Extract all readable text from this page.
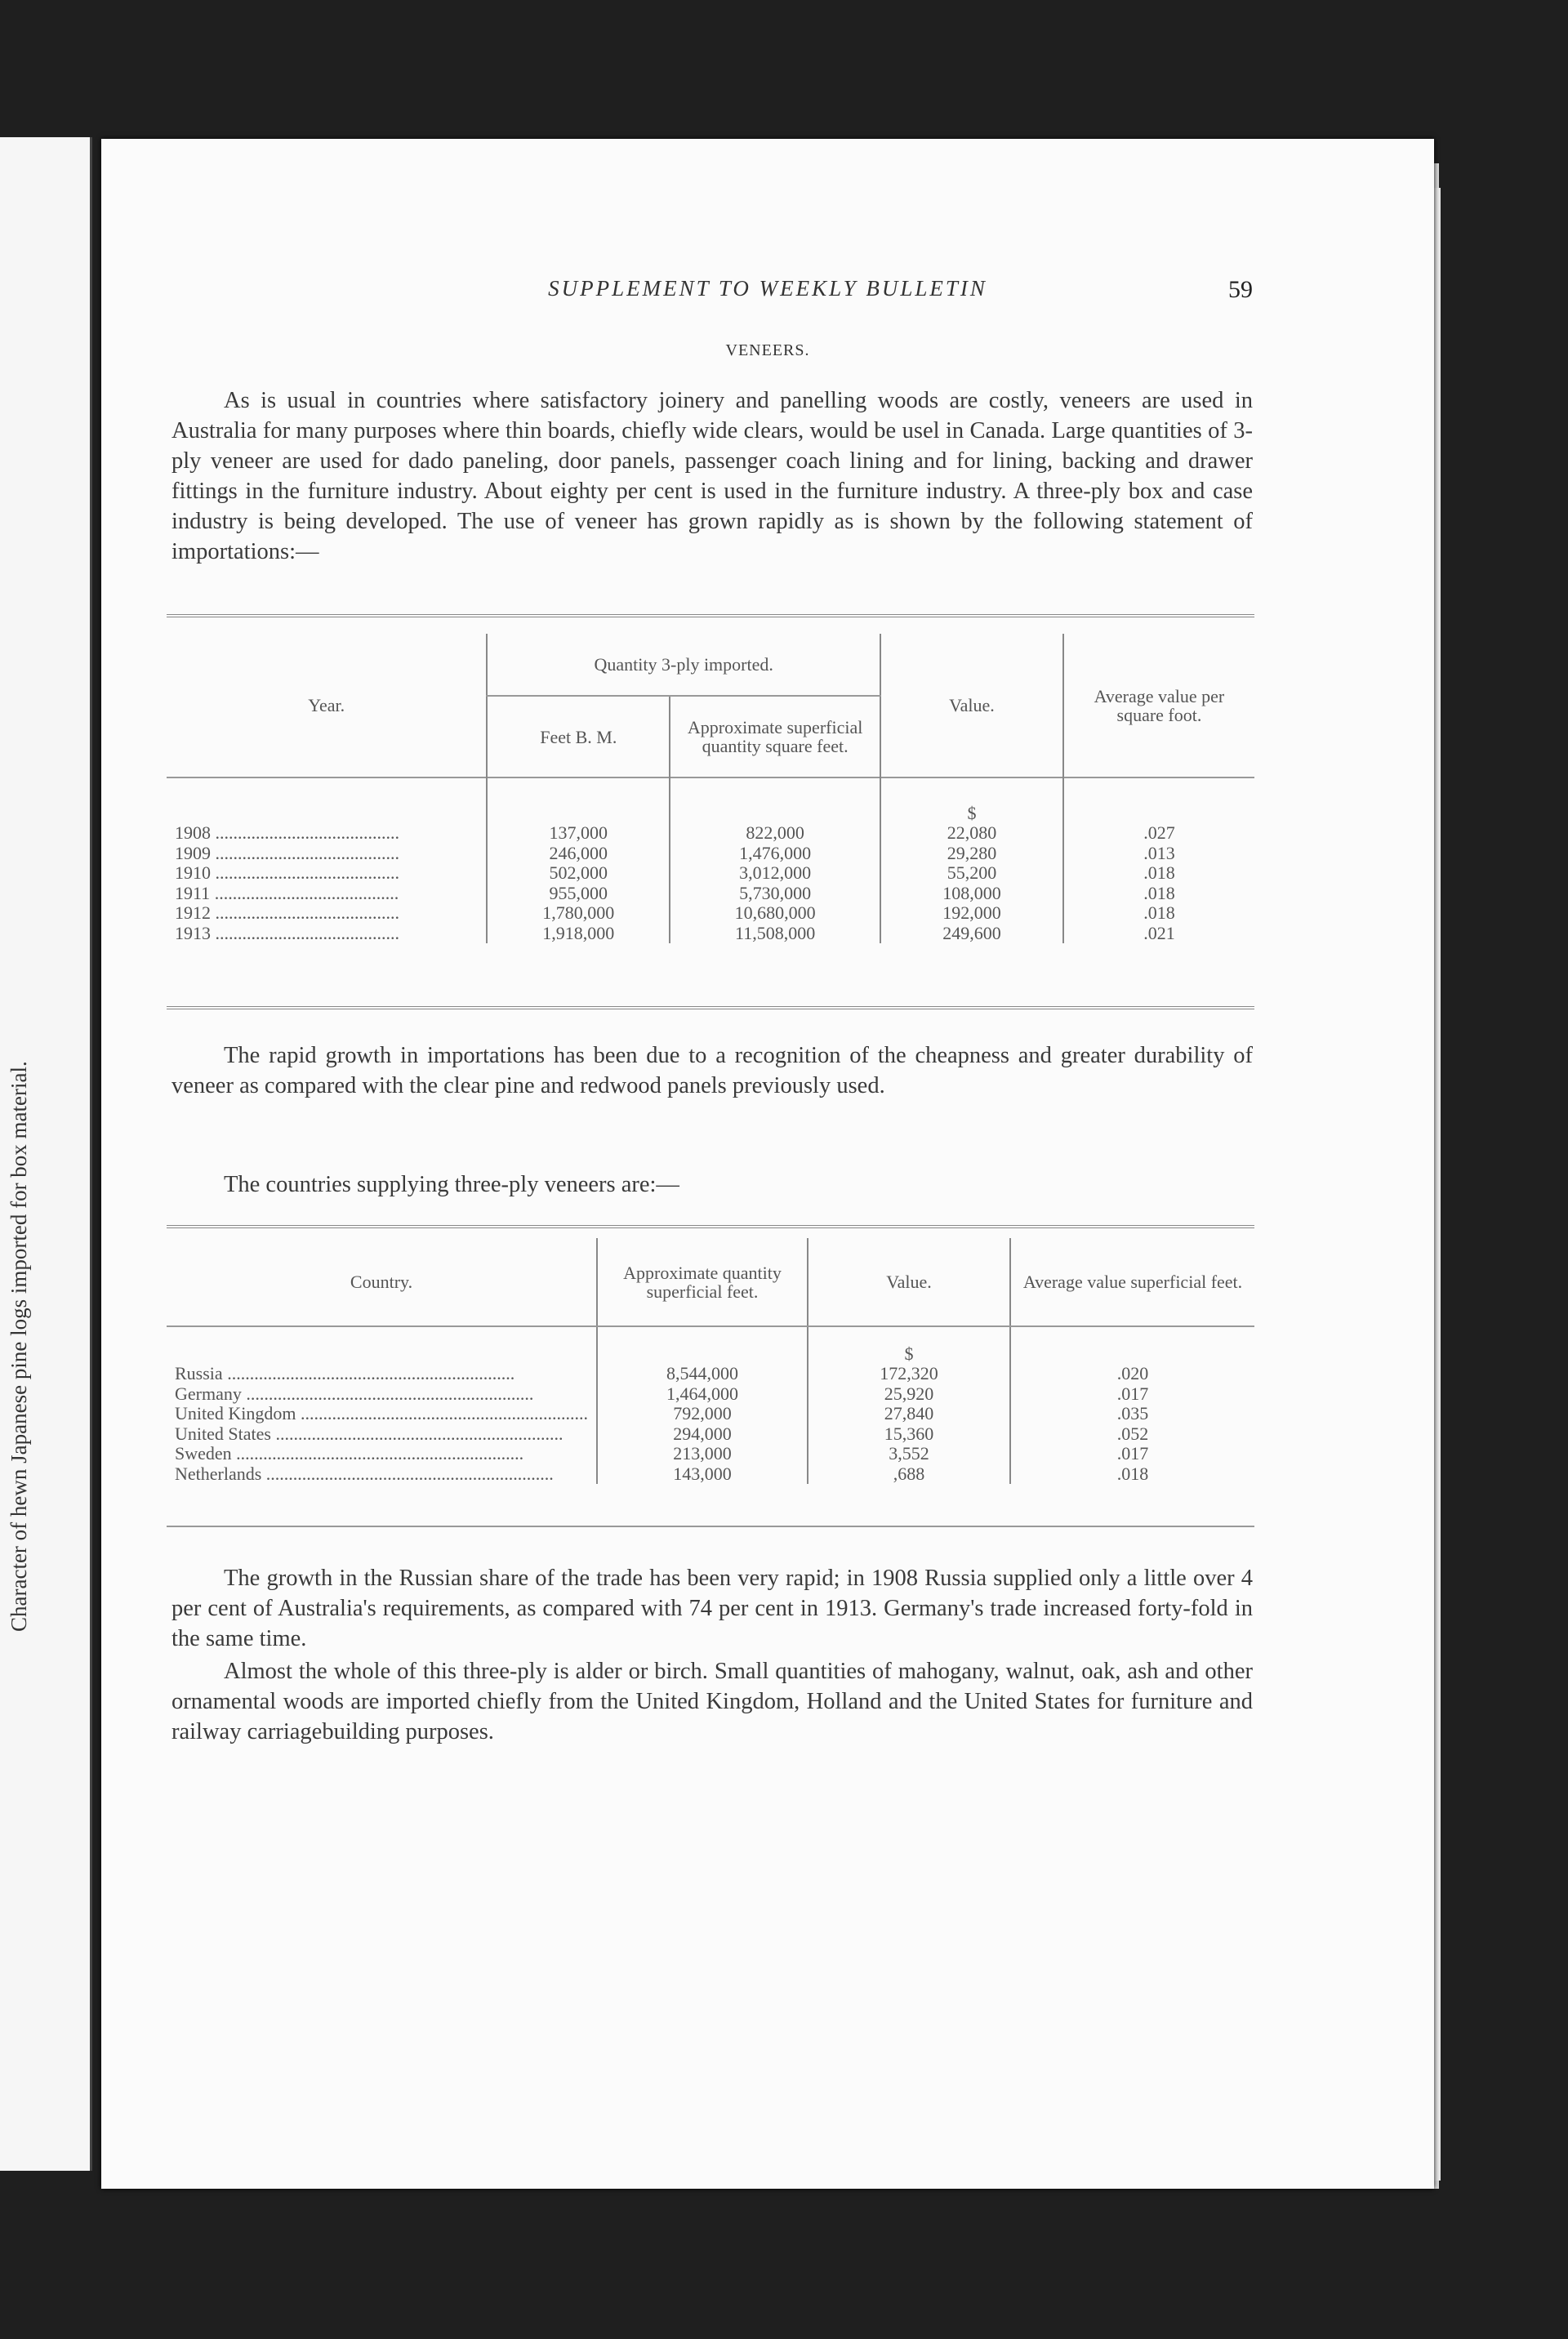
Character of hewn Japanese pine logs imported for box material.
SUPPLEMENT TO WEEKLY BULLETIN	59
VENEERS.

As is usual in countries where satisfactory joinery and panelling woods are costly, veneers are used in Australia for many purposes where thin boards, chiefly wide clears, would be usel in Canada. Large quantities of 3-ply veneer are used for dado paneling, door panels, passenger coach lining and for lining, backing and drawer fittings in the furniture industry. About eighty per cent is used in the furniture industry. A three-ply box and case industry is being developed. The use of veneer has grown rapidly as is shown by the following statement of importations:—

Year.	Quantity 3-ply imported.		Value.	Average value per square foot.
	Feet B. M.	Approximate superficial quantity square feet.		
			$	
1908 .........................................	137,000	822,000	22,080	.027
1909 .........................................	246,000	1,476,000	29,280	.013
1910 .........................................	502,000	3,012,000	55,200	.018
1911 .........................................	955,000	5,730,000	108,000	.018
1912 .........................................	1,780,000	10,680,000	192,000	.018
1913 .........................................	1,918,000	11,508,000	249,600	.021

The rapid growth in importations has been due to a recognition of the cheapness and greater durability of veneer as compared with the clear pine and redwood panels previously used.

The countries supplying three-ply veneers are:—

Country.	Approximate quantity superficial feet.	Value.	Average value superficial feet.
		$	
Russia ................................................................	8,544,000	172,320	.020
Germany ................................................................	1,464,000	25,920	.017
United Kingdom ................................................................	792,000	27,840	.035
United States ................................................................	294,000	15,360	.052
Sweden ................................................................	213,000	3,552	.017
Netherlands ................................................................	143,000	,688	.018

The growth in the Russian share of the trade has been very rapid; in 1908 Russia supplied only a little over 4 per cent of Australia's requirements, as compared with 74 per cent in 1913. Germany's trade increased forty-fold in the same time.

Almost the whole of this three-ply is alder or birch. Small quantities of mahogany, walnut, oak, ash and other ornamental woods are imported chiefly from the United Kingdom, Holland and the United States for furniture and railway carriagebuilding purposes.
